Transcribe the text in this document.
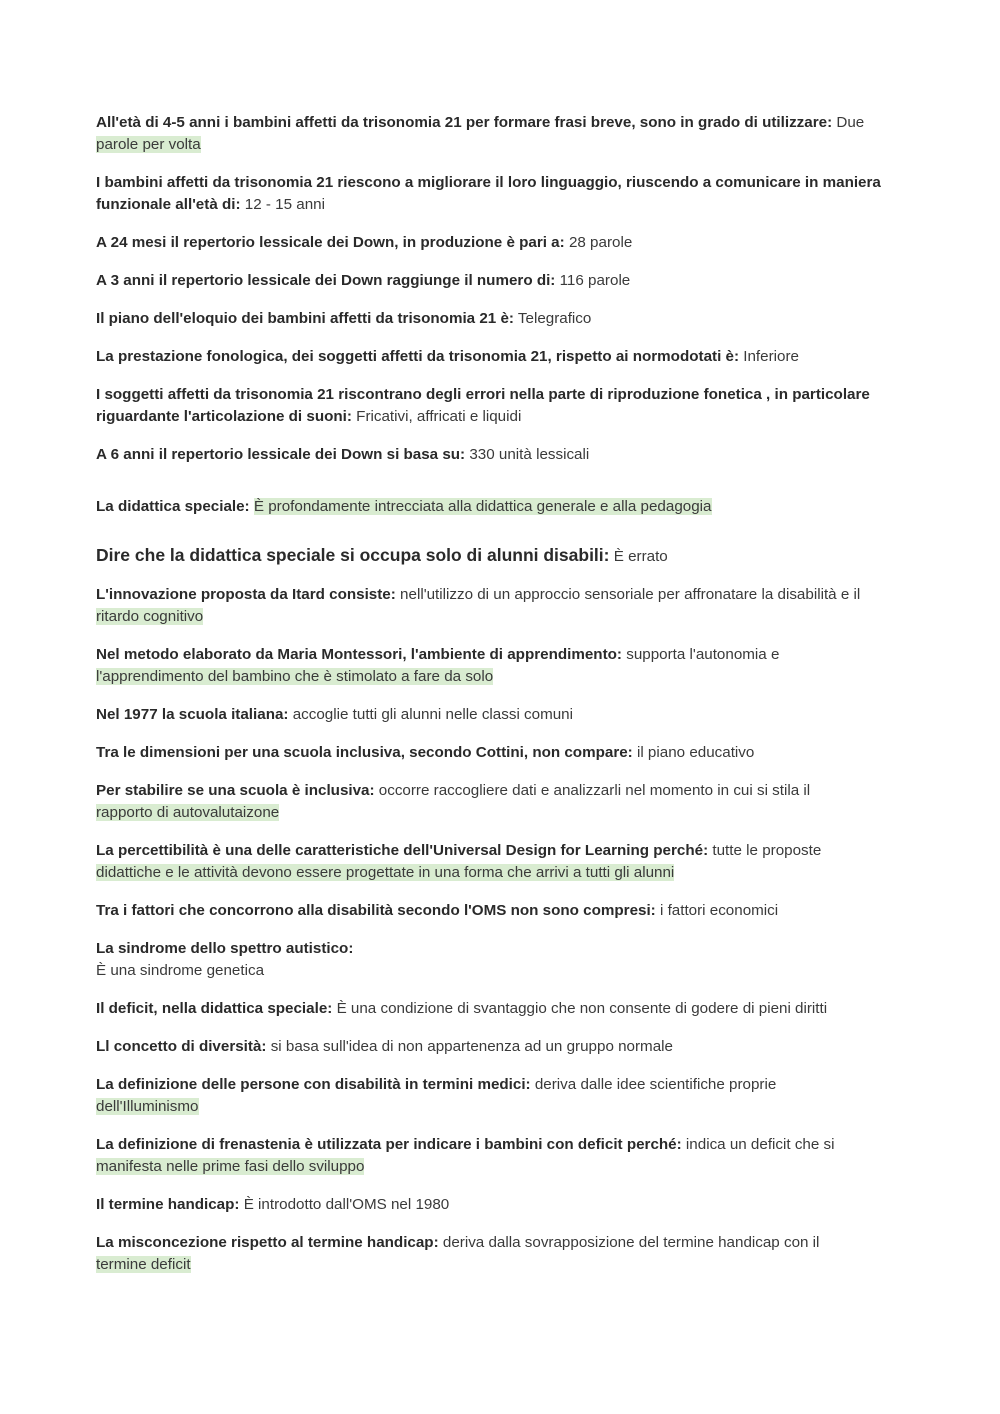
All'età di 4-5 anni i bambini affetti da trisonomia 21 per formare frasi breve, sono in grado di utilizzare: Due
parole per volta

I bambini affetti da trisonomia 21 riescono a migliorare il loro linguaggio, riuscendo a comunicare in maniera funzionale all'età di: 12 - 15 anni

A 24 mesi il repertorio lessicale dei Down, in produzione è pari a: 28 parole

A 3 anni il repertorio lessicale dei Down raggiunge il numero di: 116 parole

Il piano dell'eloquio dei bambini affetti da trisonomia 21 è: Telegrafico

La prestazione fonologica, dei soggetti affetti da trisonomia 21, rispetto ai normodotati è: Inferiore

I soggetti affetti da trisonomia 21 riscontrano degli errori nella parte di riproduzione fonetica , in particolare riguardante l'articolazione di suoni: Fricativi, affricati e liquidi

A 6 anni il repertorio lessicale dei Down si basa su: 330 unità lessicali

La didattica speciale: È profondamente intrecciata alla didattica generale e alla pedagogia

Dire che la didattica speciale si occupa solo di alunni disabili: È errato

L'innovazione proposta da Itard consiste: nell'utilizzo di un approccio sensoriale per affronatare la disabilità e il
ritardo cognitivo

Nel metodo elaborato da Maria Montessori, l'ambiente di apprendimento: supporta l'autonomia e
l'apprendimento del bambino che è stimolato a fare da solo

Nel 1977 la scuola italiana: accoglie tutti gli alunni nelle classi comuni

Tra le dimensioni per una scuola inclusiva, secondo Cottini, non compare: il piano educativo

Per stabilire se una scuola è inclusiva: occorre raccogliere dati e analizzarli nel momento in cui si stila il
rapporto di autovalutaizone

La percettibilità è una delle caratteristiche dell'Universal Design for Learning perché: tutte le proposte
didattiche e le attività devono essere progettate in una forma che arrivi a tutti gli alunni

Tra i fattori che concorrono alla disabilità secondo l'OMS non sono compresi: i fattori economici

La sindrome dello spettro autistico:
È una sindrome genetica

Il deficit, nella didattica speciale: È una condizione di svantaggio che non consente di godere di pieni diritti

Ll concetto di diversità: si basa sull'idea di non appartenenza ad un gruppo normale

La definizione delle persone con disabilità in termini medici: deriva dalle idee scientifiche proprie
dell'Illuminismo

La definizione di frenastenia è utilizzata per indicare i bambini con deficit perché: indica un deficit che si
manifesta nelle prime fasi dello sviluppo

Il termine handicap: È introdotto dall'OMS nel 1980

La misconcezione rispetto al termine handicap: deriva dalla sovrapposizione del termine handicap con il
termine deficit
